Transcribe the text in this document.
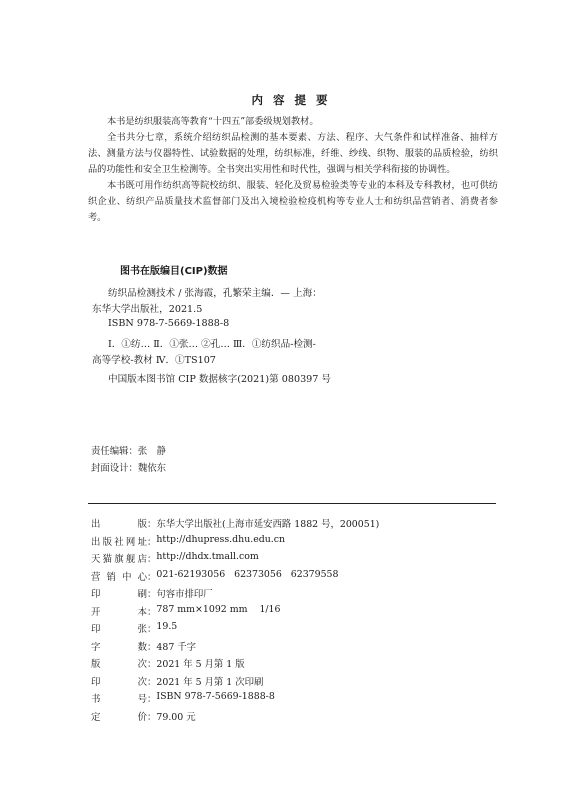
内 容 提 要
本书是纺织服装高等教育“十四五”部委级规划教材。
全书共分七章，系统介绍纺织品检测的基本要素、方法、程序、大气条件和试样准备、抽样方法、测量方法与仪器特性、试验数据的处理，纺织标准，纤维、纱线、织物、服装的品质检验，纺织品的功能性和安全卫生检测等。全书突出实用性和时代性，强调与相关学科衔接的协调性。
本书既可用作纺织高等院校纺织、服装、轻化及贸易检验类等专业的本科及专科教材，也可供纺织企业、纺织产品质量技术监督部门及出入境检验检疫机构等专业人士和纺织品营销者、消费者参考。
图书在版编目(CIP)数据
纺织品检测技术 / 张海霞，孔繁荣主编．— 上海：
东华大学出版社，2021.5
ISBN 978-7-5669-1888-8
Ⅰ．①纺… Ⅱ．①张… ②孔… Ⅲ．①纺织品-检测-
高等学校-教材 Ⅳ．①TS107
中国版本图书馆 CIP 数据核字(2021)第 080397 号
责任编辑：张　静
封面设计：魏依东
出	版 ： 东华大学出版社(上海市延安西路 1882 号，200051)
出 版 社 网 址 ： http://dhupress.dhu.edu.cn
天 猫 旗 舰 店 ： http://dhdx.tmall.com
营 销 中 心 ： 021-62193056   62373056   62379558
印	刷 ： 句容市排印厂
开	本 ： 787 mm×1092 mm    1/16
印	张 ： 19.5
字	数 ： 487 千字
版	次 ： 2021 年 5 月第 1 版
印	次 ： 2021 年 5 月第 1 次印刷
书	号 ： ISBN 978-7-5669-1888-8
定	价 ： 79.00 元
